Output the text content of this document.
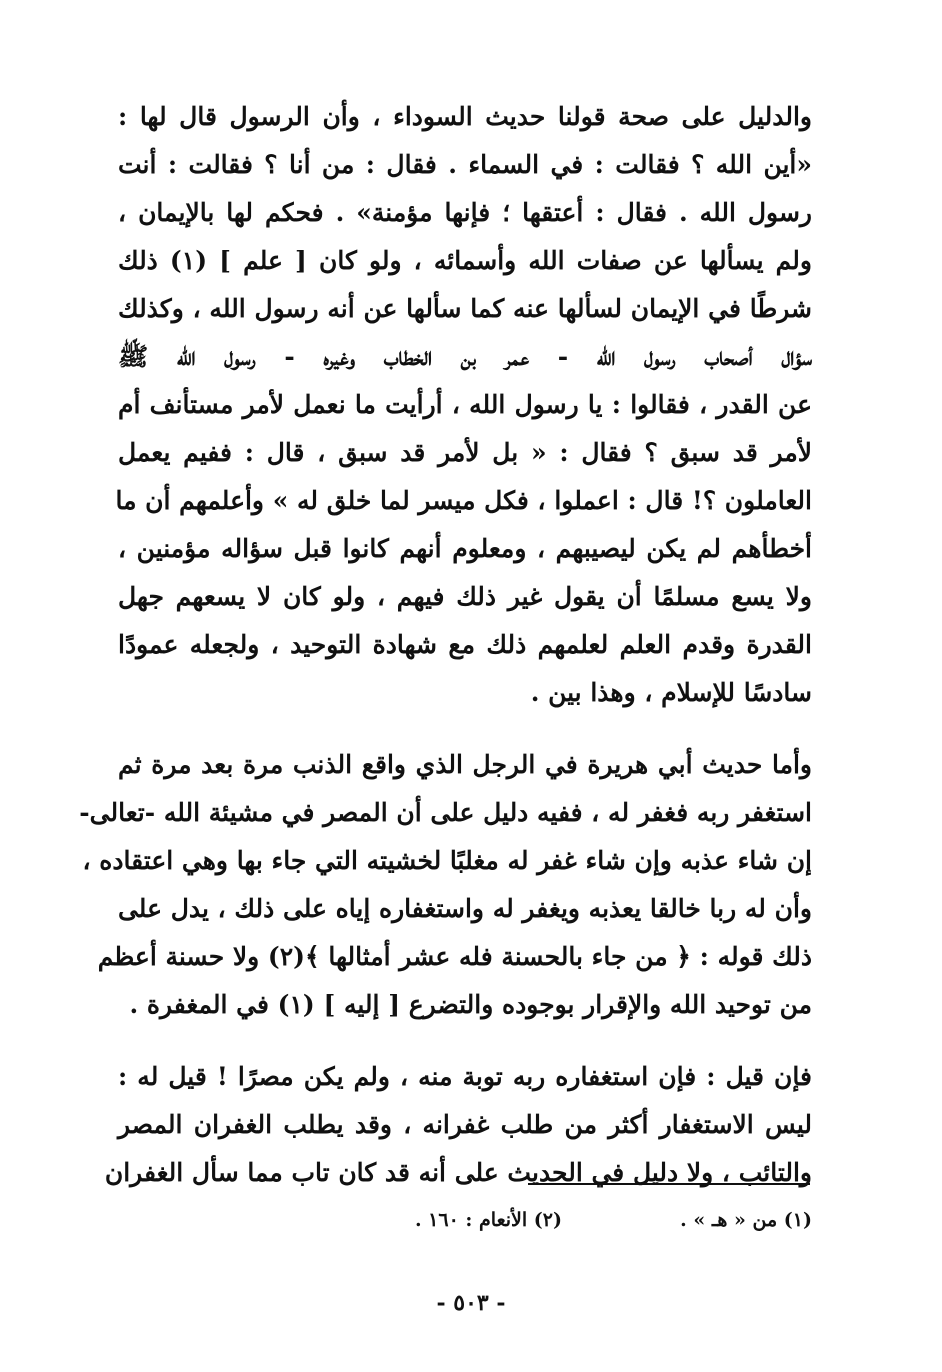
والدليل على صحة قولنا حديث السوداء ، وأن الرسول قال لها :
«أين الله ؟ فقالت : في السماء . فقال : من أنا ؟ فقالت : أنت
رسول الله . فقال : أعتقها ؛ فإنها مؤمنة» . فحكم لها بالإيمان ،
ولم يسألها عن صفات الله وأسمائه ، ولو كان [ علم ] (١) ذلك
شرطًا في الإيمان لسألها عنه كما سألها عن أنه رسول الله ، وكذلك
سؤال أصحاب رسول الله - عمر بن الخطاب وغيره - رسول الله ﷺ
عن القدر ، فقالوا : يا رسول الله ، أرأيت ما نعمل لأمر مستأنف أم
لأمر قد سبق ؟ فقال : « بل لأمر قد سبق ، قال : ففيم يعمل
العاملون ؟! قال : اعملوا ، فكل ميسر لما خلق له » وأعلمهم أن ما
أخطأهم لم يكن ليصيبهم ، ومعلوم أنهم كانوا قبل سؤاله مؤمنين ،
ولا يسع مسلمًا أن يقول غير ذلك فيهم ، ولو كان لا يسعهم جهل
القدرة وقدم العلم لعلمهم ذلك مع شهادة التوحيد ، ولجعله عمودًا
سادسًا للإسلام ، وهذا بين .
وأما حديث أبي هريرة في الرجل الذي واقع الذنب مرة بعد مرة ثم
استغفر ربه فغفر له ، ففيه دليل على أن المصر في مشيئة الله -تعالى-
إن شاء عذبه وإن شاء غفر له مغلبًا لخشيته التي جاء بها وهي اعتقاده ،
وأن له ربا خالقا يعذبه ويغفر له واستغفاره إياه على ذلك ، يدل على
ذلك قوله : ﴿ من جاء بالحسنة فله عشر أمثالها ﴾(٢) ولا حسنة أعظم
من توحيد الله والإقرار بوجوده والتضرع [ إليه ] (١) في المغفرة .
فإن قيل : فإن استغفاره ربه توبة منه ، ولم يكن مصرًا ! قيل له :
ليس الاستغفار أكثر من طلب غفرانه ، وقد يطلب الغفران المصر
والتائب ، ولا دليل في الحديث على أنه قد كان تاب مما سأل الغفران
(١) من « هـ » .
(٢) الأنعام : ١٦٠ .
- ٥٠٣ -
